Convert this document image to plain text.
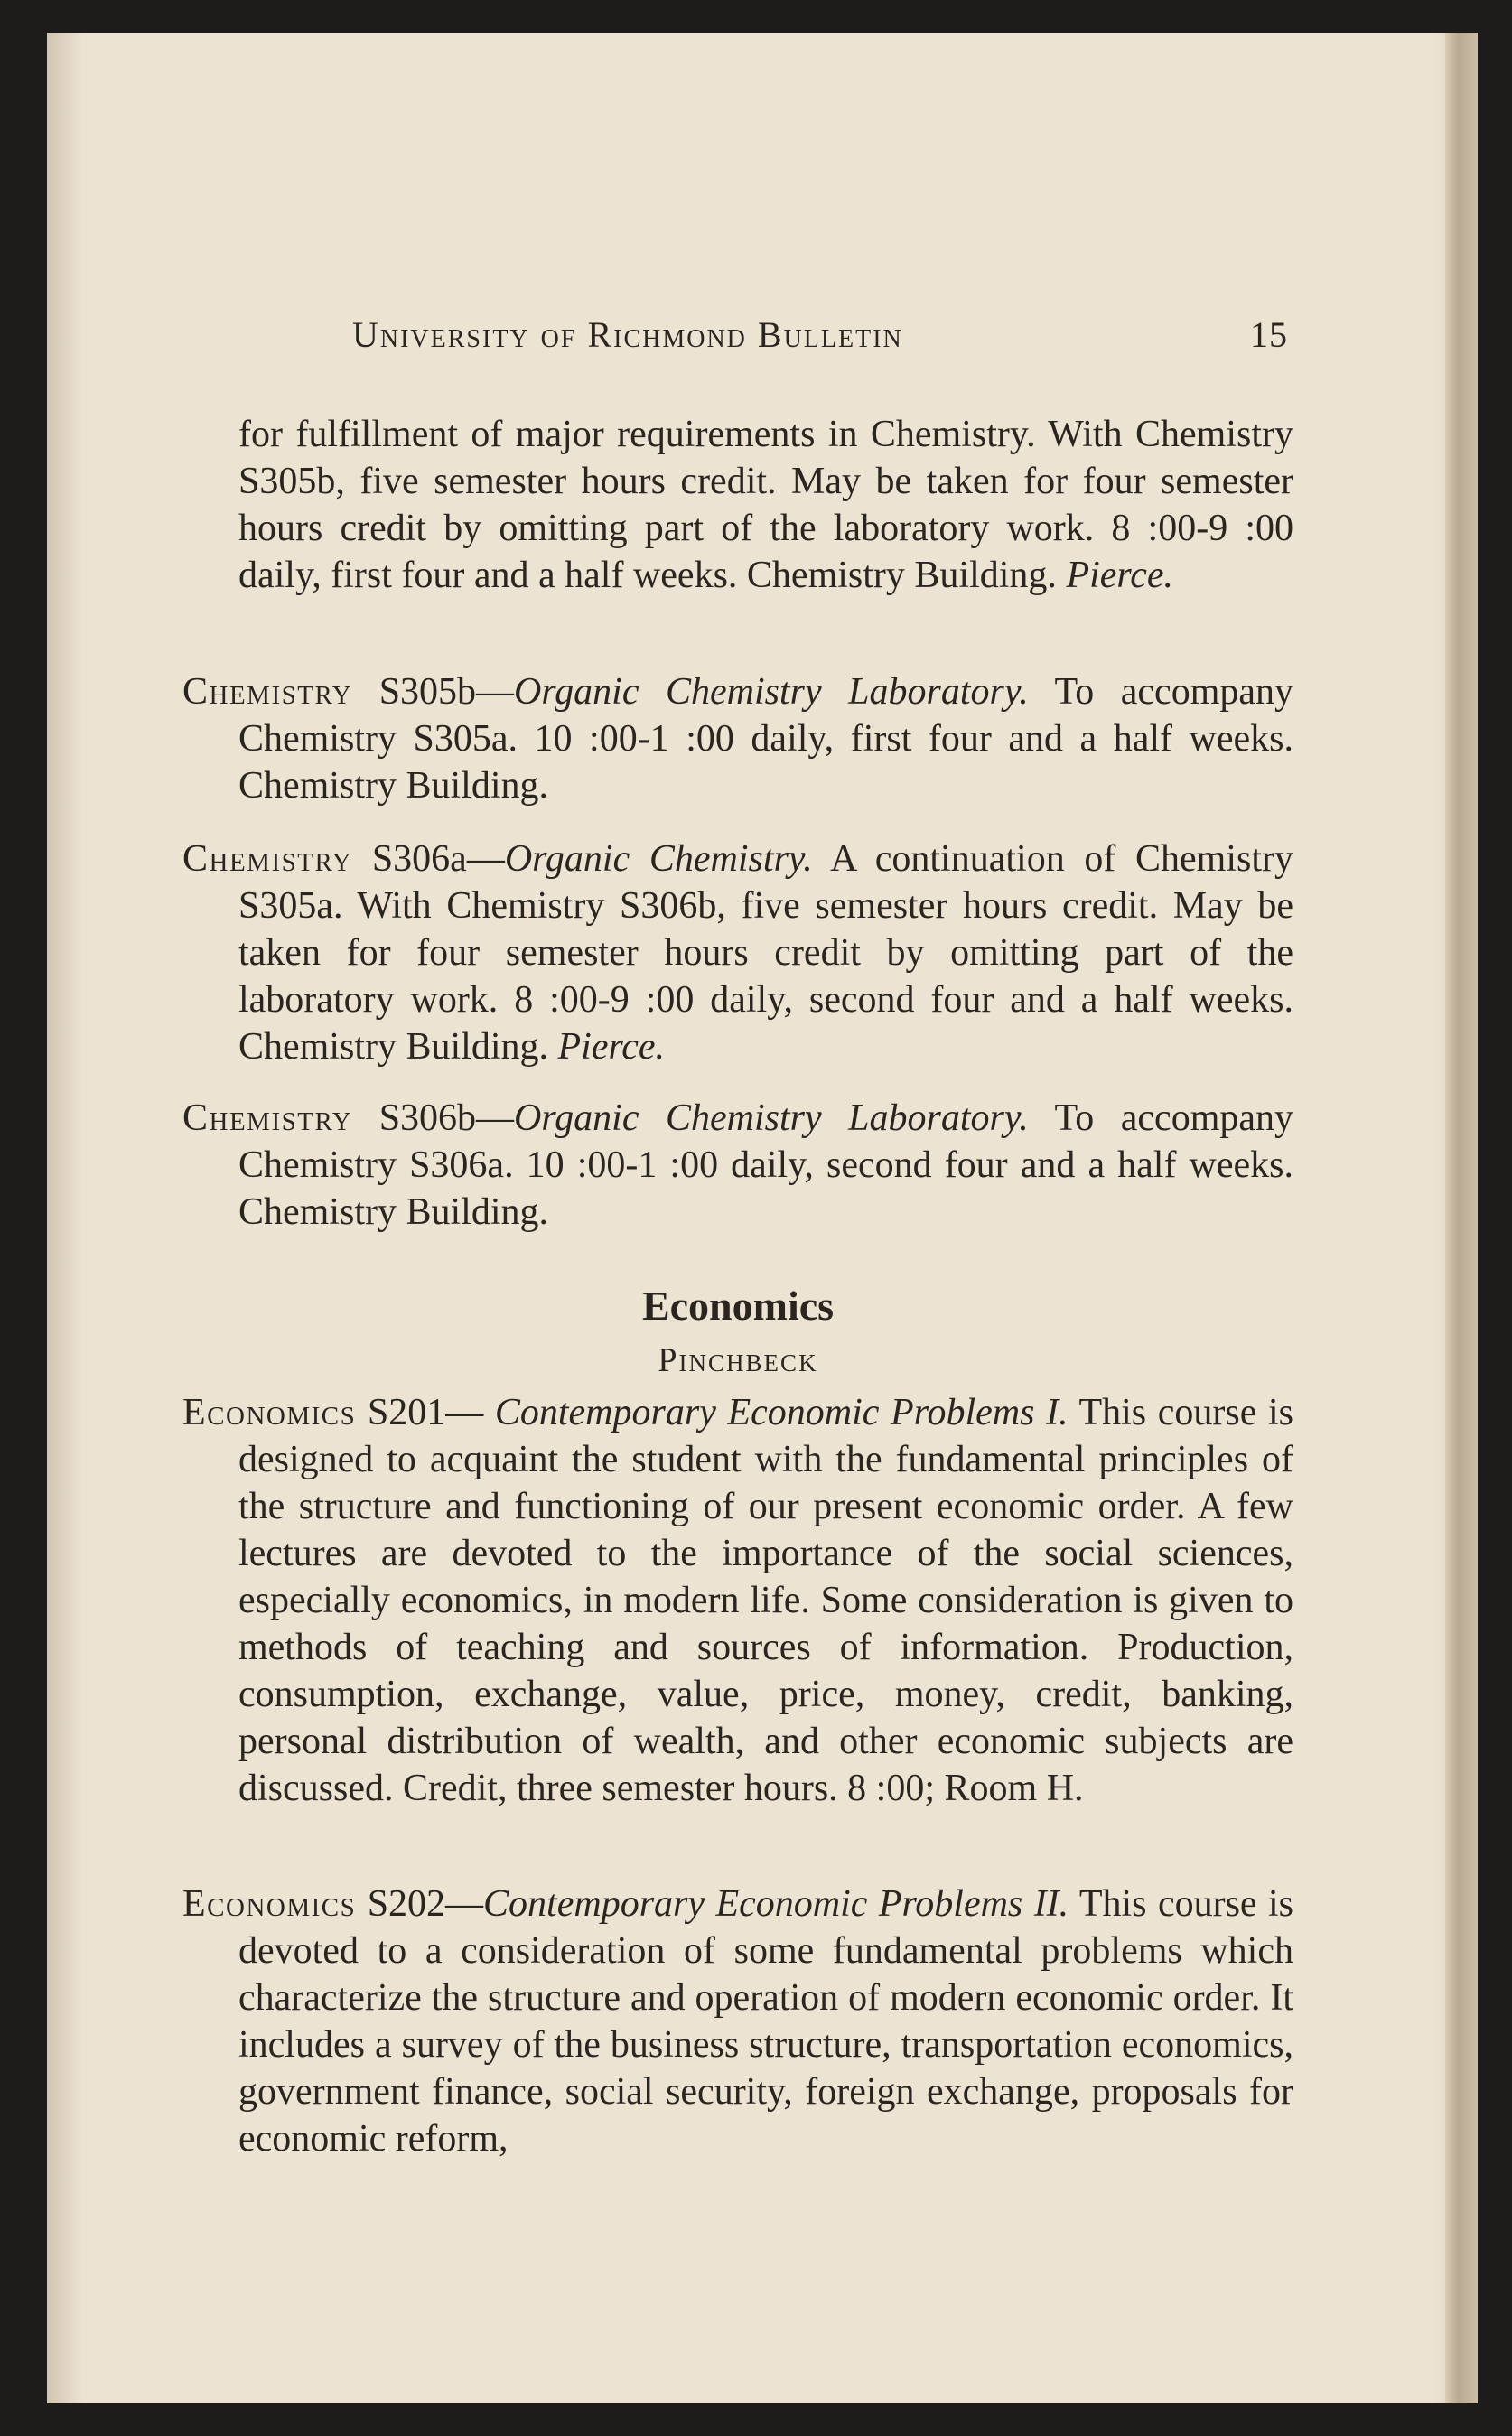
University of Richmond Bulletin	15
for fulfillment of major requirements in Chemistry. With Chemistry S305b, five semester hours credit. May be taken for four semester hours credit by omitting part of the laboratory work. 8 :00-9 :00 daily, first four and a half weeks. Chemistry Building. Pierce.
Chemistry S305b—Organic Chemistry Laboratory. To accompany Chemistry S305a. 10 :00-1 :00 daily, first four and a half weeks. Chemistry Building.
Chemistry S306a—Organic Chemistry. A continuation of Chemistry S305a. With Chemistry S306b, five semester hours credit. May be taken for four semester hours credit by omitting part of the laboratory work. 8 :00-9 :00 daily, second four and a half weeks. Chemistry Building. Pierce.
Chemistry S306b—Organic Chemistry Laboratory. To accompany Chemistry S306a. 10 :00-1 :00 daily, second four and a half weeks. Chemistry Building.
Economics
Pinchbeck
Economics S201— Contemporary Economic Problems I. This course is designed to acquaint the student with the fundamental principles of the structure and functioning of our present economic order. A few lectures are devoted to the importance of the social sciences, especially economics, in modern life. Some consideration is given to methods of teaching and sources of information. Production, consumption, exchange, value, price, money, credit, banking, personal distribution of wealth, and other economic subjects are discussed. Credit, three semester hours. 8 :00; Room H.
Economics S202—Contemporary Economic Problems II. This course is devoted to a consideration of some fundamental problems which characterize the structure and operation of modern economic order. It includes a survey of the business structure, transportation economics, government finance, social security, foreign exchange, proposals for economic reform,
